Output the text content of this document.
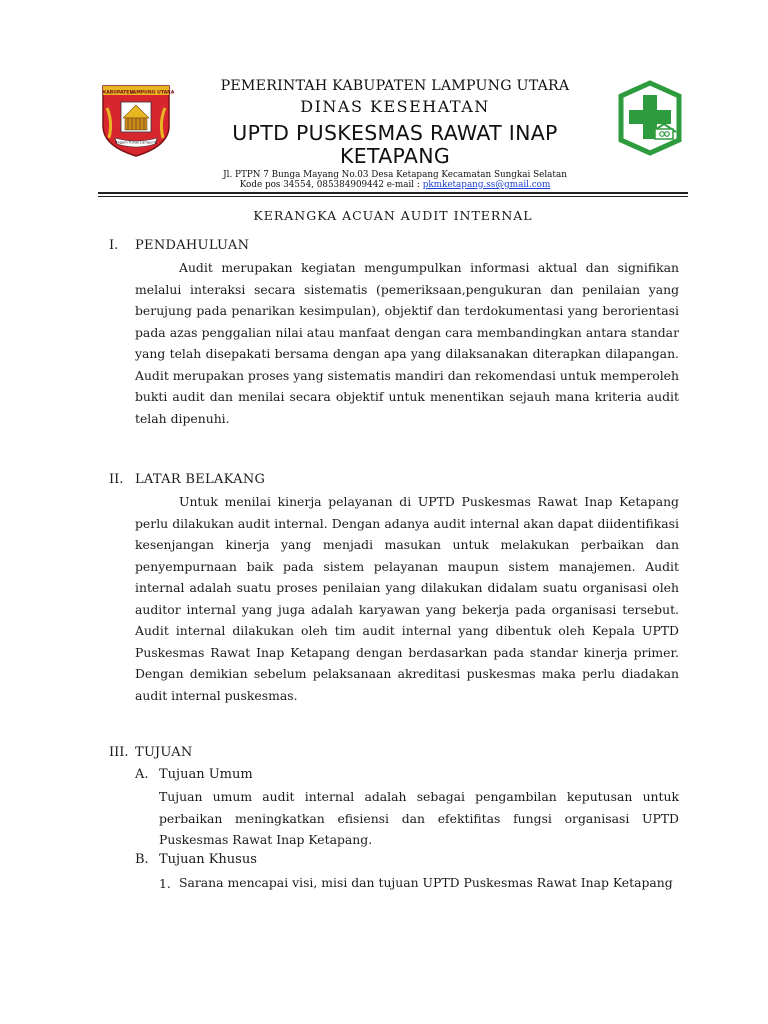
KABUPATEN
LAMPUNG UTARA
Ragem Tunas Lampung
PEMERINTAH KABUPATEN LAMPUNG UTARA
DINAS KESEHATAN
UPTD PUSKESMAS RAWAT INAP
KETAPANG
Jl. PTPN 7 Bunga Mayang No.03 Desa Ketapang Kecamatan Sungkai Selatan
Kode pos 34554, 085384909442 e-mail : pkmketapang.ss@gmail.com
KERANGKA ACUAN AUDIT INTERNAL
I. PENDAHULUAN

Audit merupakan kegiatan mengumpulkan informasi aktual dan signifikan melalui interaksi secara sistematis (pemeriksaan,pengukuran dan penilaian yang berujung pada penarikan kesimpulan), objektif dan terdokumentasi yang berorientasi pada azas penggalian nilai atau manfaat dengan cara membandingkan antara standar yang telah disepakati bersama dengan apa yang dilaksanakan diterapkan dilapangan. Audit merupakan proses yang sistematis mandiri dan rekomendasi untuk memperoleh bukti audit dan menilai secara objektif untuk menentikan sejauh mana kriteria audit telah dipenuhi.

II. LATAR BELAKANG

Untuk menilai kinerja pelayanan di UPTD Puskesmas Rawat Inap Ketapang perlu dilakukan audit internal. Dengan adanya audit internal akan dapat diidentifikasi kesenjangan kinerja yang menjadi masukan untuk melakukan perbaikan dan penyempurnaan baik pada sistem pelayanan maupun sistem manajemen. Audit internal adalah suatu proses penilaian yang dilakukan didalam suatu organisasi oleh auditor internal yang juga adalah karyawan yang bekerja pada organisasi tersebut. Audit internal dilakukan oleh tim audit internal yang dibentuk oleh Kepala UPTD Puskesmas Rawat Inap Ketapang dengan berdasarkan pada standar kinerja primer. Dengan demikian sebelum pelaksanaan akreditasi puskesmas maka perlu diadakan audit internal puskesmas.

III. TUJUAN
A. Tujuan Umum

Tujuan umum audit internal adalah sebagai pengambilan keputusan untuk perbaikan meningkatkan efisiensi dan efektifitas fungsi organisasi UPTD Puskesmas Rawat Inap Ketapang.

B. Tujuan Khusus
1. Sarana mencapai visi, misi dan tujuan UPTD Puskesmas Rawat Inap Ketapang
